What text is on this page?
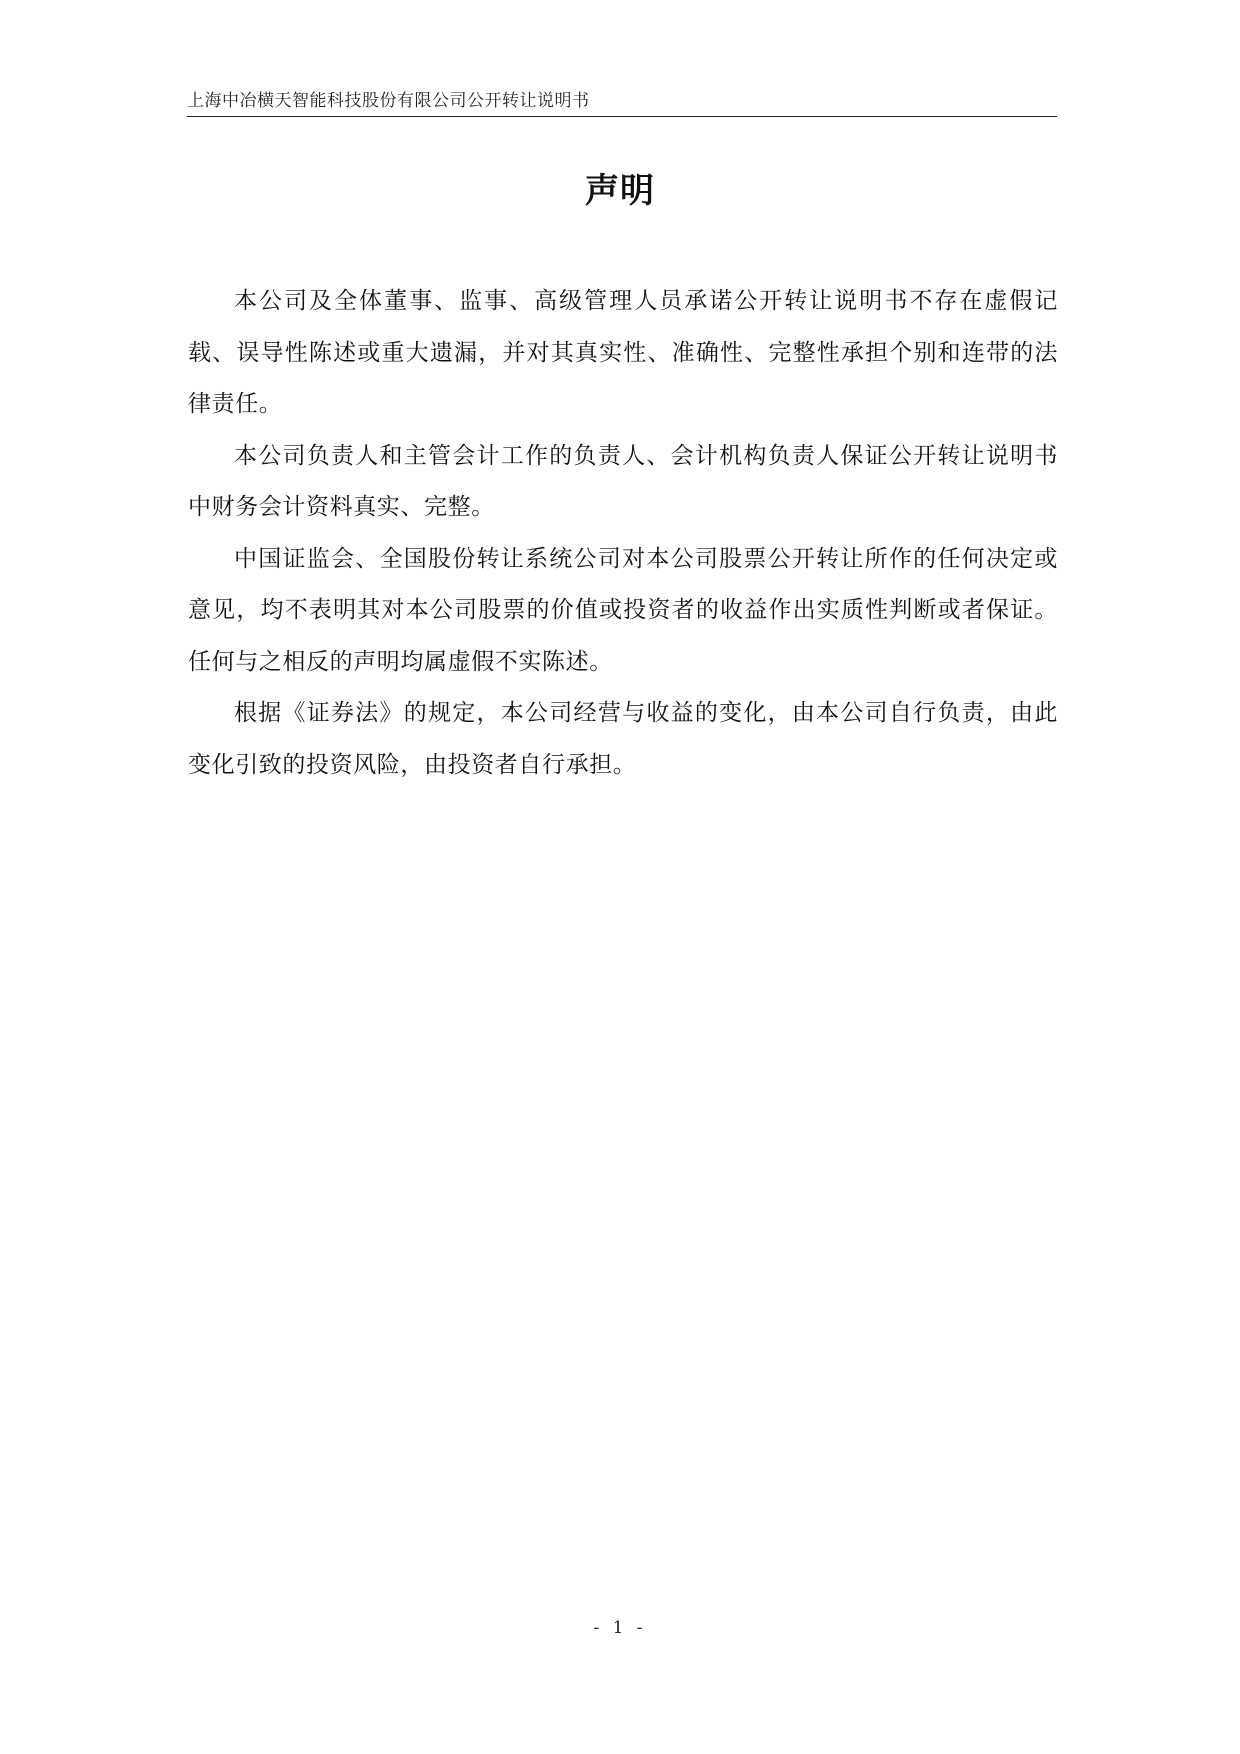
上海中冶横天智能科技股份有限公司公开转让说明书
声明

本公司及全体董事、监事、高级管理人员承诺公开转让说明书不存在虚假记载、误导性陈述或重大遗漏，并对其真实性、准确性、完整性承担个别和连带的法律责任。

本公司负责人和主管会计工作的负责人、会计机构负责人保证公开转让说明书中财务会计资料真实、完整。

中国证监会、全国股份转让系统公司对本公司股票公开转让所作的任何决定或意见，均不表明其对本公司股票的价值或投资者的收益作出实质性判断或者保证。任何与之相反的声明均属虚假不实陈述。

根据《证券法》的规定，本公司经营与收益的变化，由本公司自行负责，由此变化引致的投资风险，由投资者自行承担。

- 1 -
